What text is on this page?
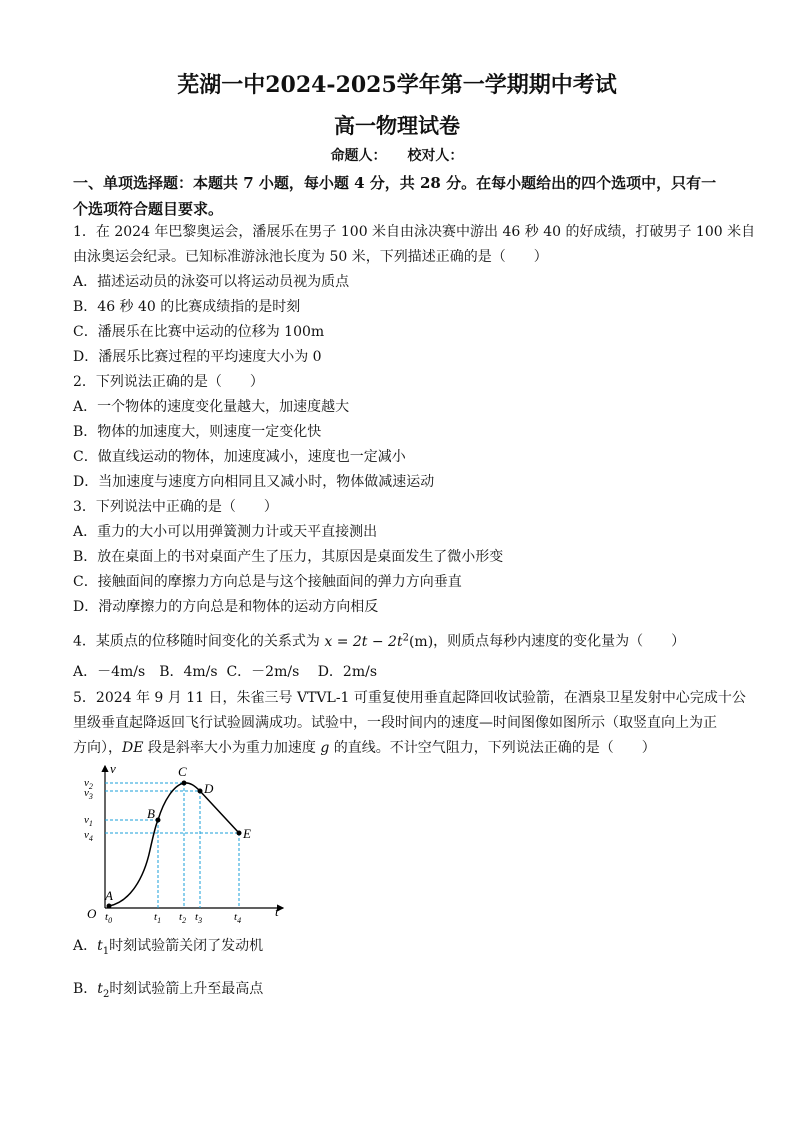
芜湖一中2024-2025学年第一学期期中考试
高一物理试卷
命题人： 校对人：
一、单项选择题：本题共 7 小题，每小题 4 分，共 28 分。在每小题给出的四个选项中，只有一个选项符合题目要求。
1．在 2024 年巴黎奥运会，潘展乐在男子 100 米自由泳决赛中游出 46 秒 40 的好成绩，打破男子 100 米自
由泳奥运会纪录。已知标准游泳池长度为 50 米，下列描述正确的是（　　）
A．描述运动员的泳姿可以将运动员视为质点
B．46 秒 40 的比赛成绩指的是时刻
C．潘展乐在比赛中运动的位移为 100m
D．潘展乐比赛过程的平均速度大小为 0
2．下列说法正确的是（　　）
A．一个物体的速度变化量越大，加速度越大
B．物体的加速度大，则速度一定变化快
C．做直线运动的物体，加速度减小，速度也一定减小
D．当加速度与速度方向相同且又减小时，物体做减速运动
3．下列说法中正确的是（　　）
A．重力的大小可以用弹簧测力计或天平直接测出
B．放在桌面上的书对桌面产生了压力，其原因是桌面发生了微小形变
C．接触面间的摩擦力方向总是与这个接触面间的弹力方向垂直
D．滑动摩擦力的方向总是和物体的运动方向相反
4．某质点的位移随时间变化的关系式为 $x = 2t - 2t^2(m)$，则质点每秒内速度的变化量为（　　）
A．－4m/s　B．4m/s  C．－2m/s　 D．2m/s
5．2024 年 9 月 11 日，朱雀三号 VTVL-1 可重复使用垂直起降回收试验箭，在酒泉卫星发射中心完成十公
里级垂直起降返回飞行试验圆满成功。试验中，一段时间内的速度—时间图像如图所示（取竖直向上为正
方向），DE 段是斜率大小为重力加速度 g 的直线。不计空气阻力，下列说法正确的是（　　）
A
B
C
D
E
v
t
O
$v_2$
$v_3$
$v_1$
$v_4$
$t_0$	$t_1$ $t_2$ $t_3$	$t_4$
A．$t_1$时刻试验箭关闭了发动机
B．$t_2$时刻试验箭上升至最高点
